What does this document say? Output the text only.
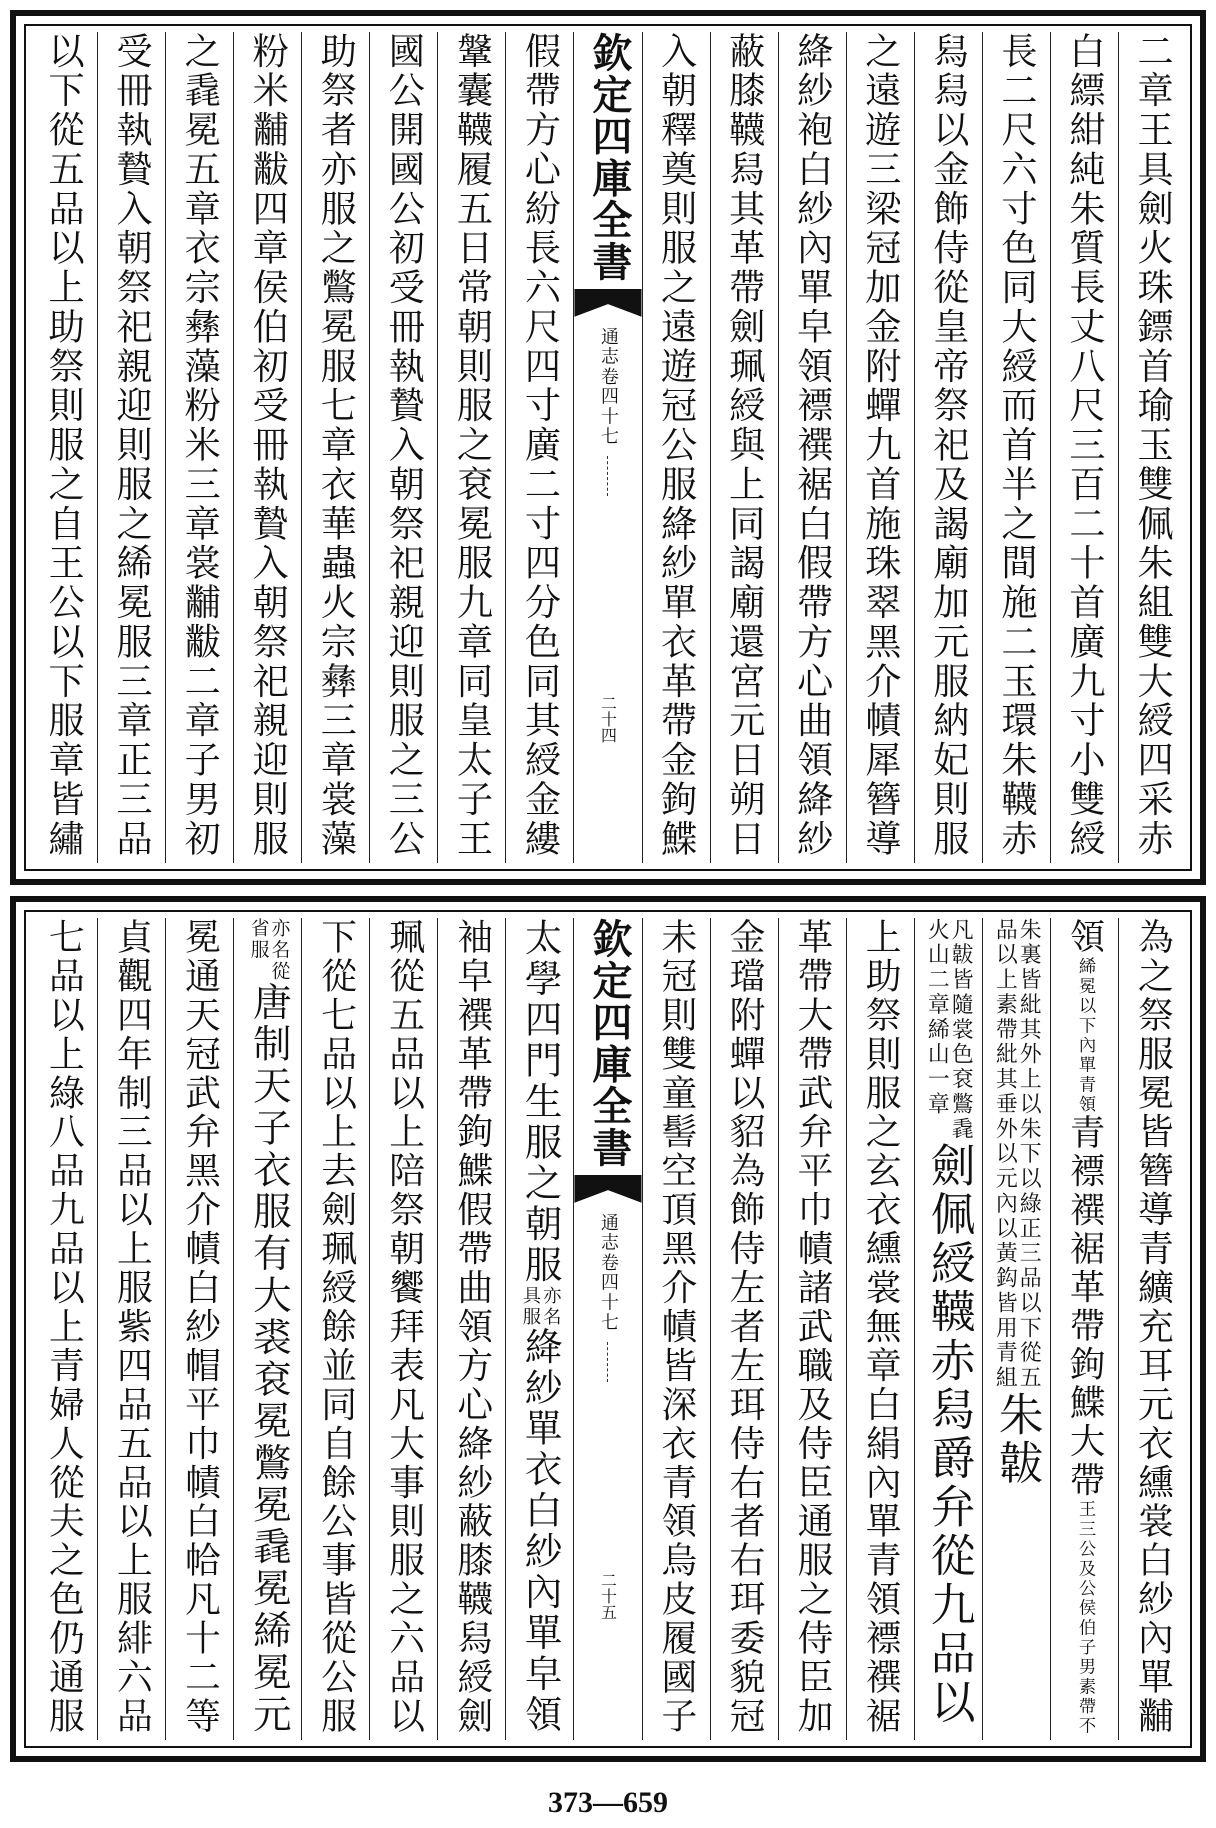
二章王具劍火珠鏢首瑜玉雙佩朱組雙大綬四采赤
白縹紺純朱質長丈八尺三百二十首廣九寸小雙綬
長二尺六寸色同大綬而首半之間施二玉環朱韈赤
舄舄以金飾侍從皇帝祭祀及謁廟加元服納妃則服
之遠遊三梁冠加金附蟬九首施珠翠黑介幘犀簪導
絳紗袍白紗內單皁領褾襈裾白假帶方心曲領絳紗
蔽膝韈舄其革帶劍珮綬與上同謁廟還宮元日朔日
入朝釋奠則服之遠遊冠公服絳紗單衣革帶金鉤鰈
欽定四庫全書
通志
卷四十七
二十四
假帶方心紛長六尺四寸廣二寸四分色同其綬金縷
鞶囊韈履五日常朝則服之袞冕服九章同皇太子王
國公開國公初受冊執贄入朝祭祀親迎則服之三公
助祭者亦服之鷩冕服七章衣華蟲火宗彝三章裳藻
粉米黼黻四章侯伯初受冊執贄入朝祭祀親迎則服
之毳冕五章衣宗彝藻粉米三章裳黼黻二章子男初
受冊執贄入朝祭祀親迎則服之絺冕服三章正三品
以下從五品以上助祭則服之自王公以下服章皆繡
為之祭服冕皆簪導青纊充耳元衣纁裳白紗內單黼
領
絺冕以下內單青領
青褾襈裾革帶鉤鰈大帶
王三公及公侯伯子男素帶不
朱裏皆紕其外上以朱下以綠正三品以下從五
品以上素帶紕其垂外以元內以黃鈎皆用青組
朱韍
凡韍皆隨裳色袞鷩毳
火山二章絺山一章
劍佩綬韈赤舄爵弁從九品以
上助祭則服之玄衣纁裳無章白絹內單青領褾襈裾
革帶大帶武弁平巾幘諸武職及侍臣通服之侍臣加
金璫附蟬以貂為飾侍左者左珥侍右者右珥委貌冠
未冠則雙童髻空頂黑介幘皆深衣青領烏皮履國子
欽定四庫全書
通志
卷四十七
二十五
太學四門生服之朝服
亦名
具服
絳紗單衣白紗內單皁領
袖皁襈革帶鉤鰈假帶曲領方心絳紗蔽膝韈舄綬劍
珮從五品以上陪祭朝饗拜表凡大事則服之六品以
下從七品以上去劍珮綬餘並同自餘公事皆從公服
亦名從
省服
唐制天子衣服有大裘袞冕鷩冕毳冕絺冕元
冕通天冠武弁黑介幘白紗帽平巾幘白帢凡十二等
貞觀四年制三品以上服紫四品五品以上服緋六品
七品以上綠八品九品以上青婦人從夫之色仍通服
373—659
